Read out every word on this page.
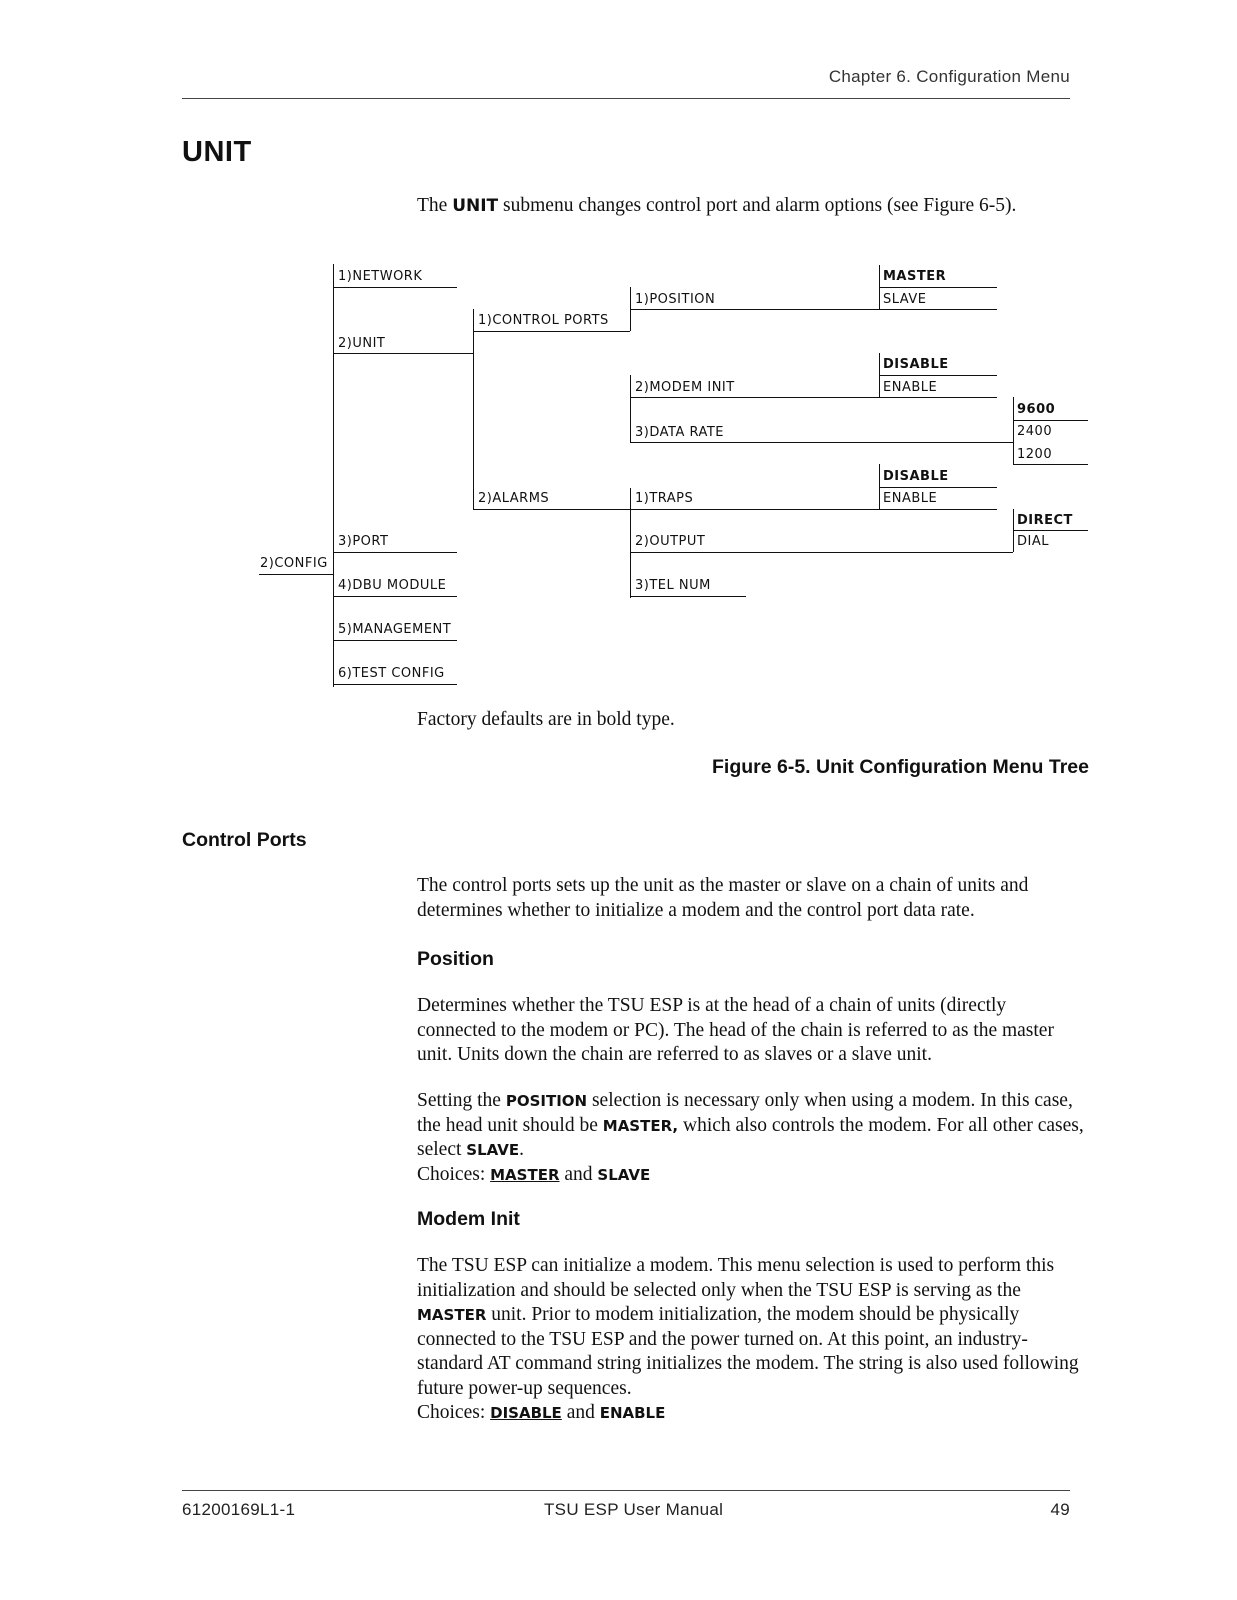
Chapter 6. Configuration Menu
UNIT
The UNIT submenu changes control port and alarm options (see Figure 6-5).
2)CONFIG
1)NETWORK
2)UNIT
3)PORT
4)DBU MODULE
5)MANAGEMENT
6)TEST CONFIG
1)CONTROL PORTS
2)ALARMS
1)POSITION
2)MODEM INIT
3)DATA RATE
1)TRAPS
2)OUTPUT
3)TEL NUM
MASTER
SLAVE
DISABLE
ENABLE
9600
2400
1200
DISABLE
ENABLE
DIRECT
DIAL
Factory defaults are in bold type.
Figure 6-5. Unit Configuration Menu Tree
Control Ports
The control ports sets up the unit as the master or slave on a chain of units and determines whether to initialize a modem and the control port data rate.
Position
Determines whether the TSU ESP is at the head of a chain of units (directly connected to the modem or PC). The head of the chain is referred to as the master unit. Units down the chain are referred to as slaves or a slave unit.
Setting the POSITION selection is necessary only when using a modem. In this case, the head unit should be MASTER, which also controls the modem. For all other cases, select SLAVE.
Choices: MASTER and SLAVE
Modem Init
The TSU ESP can initialize a modem. This menu selection is used to perform this initialization and should be selected only when the TSU ESP is serving as the MASTER unit. Prior to modem initialization, the modem should be physically connected to the TSU ESP and the power turned on. At this point, an industry-standard AT command string initializes the modem. The string is also used following future power-up sequences.
Choices: DISABLE and ENABLE
61200169L1-1	TSU ESP User Manual	49
